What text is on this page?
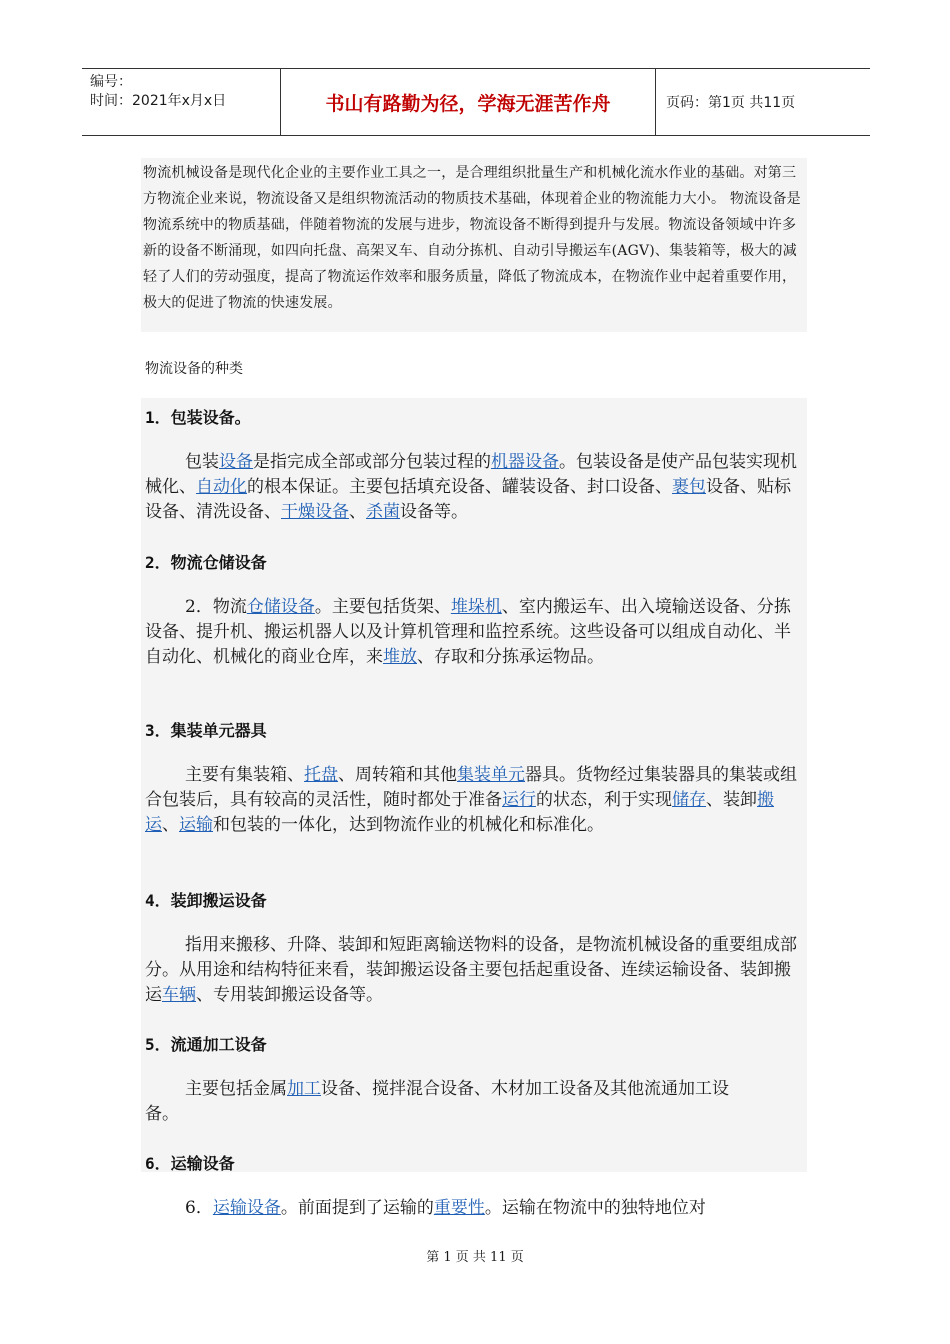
编号：
时间：2021年x月x日	书山有路勤为径，学海无涯苦作舟	页码：第1页 共11页
物流机械设备是现代化企业的主要作业工具之一，是合理组织批量生产和机械化流水作业的基础。对第三方物流企业来说，物流设备又是组织物流活动的物质技术基础，体现着企业的物流能力大小。 物流设备是物流系统中的物质基础，伴随着物流的发展与进步，物流设备不断得到提升与发展。物流设备领域中许多新的设备不断涌现，如四向托盘、高架叉车、自动分拣机、自动引导搬运车(AGV)、集装箱等，极大的减轻了人们的劳动强度，提高了物流运作效率和服务质量，降低了物流成本，在物流作业中起着重要作用，极大的促进了物流的快速发展。
物流设备的种类
1．包装设备。
包装设备是指完成全部或部分包装过程的机器设备。包装设备是使产品包装实现机械化、自动化的根本保证。主要包括填充设备、罐装设备、封口设备、裹包设备、贴标设备、清洗设备、干燥设备、杀菌设备等。
2．物流仓储设备
2．物流仓储设备。主要包括货架、堆垛机、室内搬运车、出入境输送设备、分拣设备、提升机、搬运机器人以及计算机管理和监控系统。这些设备可以组成自动化、半自动化、机械化的商业仓库，来堆放、存取和分拣承运物品。
3．集装单元器具
主要有集装箱、托盘、周转箱和其他集装单元器具。货物经过集装器具的集装或组合包装后，具有较高的灵活性，随时都处于准备运行的状态，利于实现储存、装卸搬运、运输和包装的一体化，达到物流作业的机械化和标准化。
4．装卸搬运设备
指用来搬移、升降、装卸和短距离输送物料的设备，是物流机械设备的重要组成部分。从用途和结构特征来看，装卸搬运设备主要包括起重设备、连续运输设备、装卸搬运车辆、专用装卸搬运设备等。
5．流通加工设备
主要包括金属加工设备、搅拌混合设备、木材加工设备及其他流通加工设备。
6．运输设备
6．运输设备。前面提到了运输的重要性。运输在物流中的独特地位对
第 1 页 共 11 页
